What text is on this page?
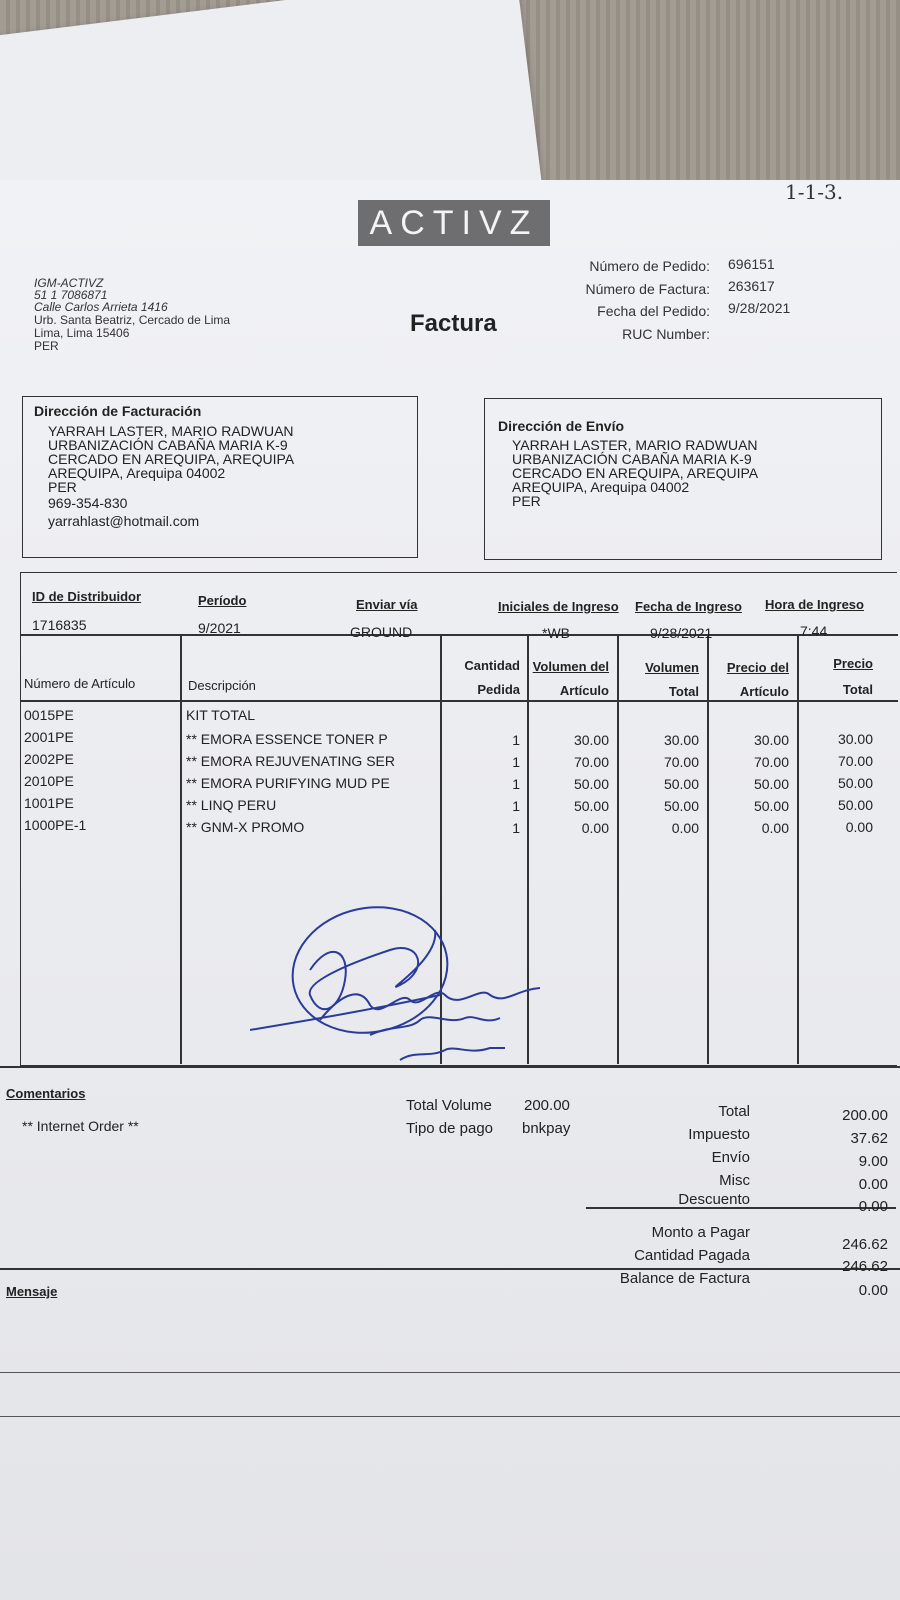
ACTIVZ
1-1-3.
IGM-ACTIVZ
51 1 7086871
Calle Carlos Arrieta 1416
Urb. Santa Beatriz, Cercado de Lima
Lima, Lima 15406
PER
Factura
Número de Pedido: 696151
Número de Factura: 263617
Fecha del Pedido: 9/28/2021
RUC Number:
Dirección de Facturación
YARRAH LASTER, MARIO RADWUAN
URBANIZACIÓN CABAÑA MARIA K-9
CERCADO EN AREQUIPA, AREQUIPA
AREQUIPA, Arequipa 04002
PER
969-354-830
yarrahlast@hotmail.com
Dirección de Envío
YARRAH LASTER, MARIO RADWUAN
URBANIZACIÓN CABAÑA MARIA K-9
CERCADO EN AREQUIPA, AREQUIPA
AREQUIPA, Arequipa 04002
PER
ID de Distribuidor
1716835
Período
9/2021
Enviar vía
GROUND
Iniciales de Ingreso
*WB
Fecha de Ingreso
9/28/2021
Hora de Ingreso
7:44
Número de Artículo	Descripción
Cantidad
Pedida
Volumen del
Artículo
Volumen
Total
Precio del
Artículo
Precio
Total
0015PE	KIT TOTAL
2001PE	** EMORA ESSENCE TONER P	1	30.00	30.00	30.00	30.00
2002PE	** EMORA REJUVENATING SER	1	70.00	70.00	70.00	70.00
2010PE	** EMORA PURIFYING MUD PE	1	50.00	50.00	50.00	50.00
1001PE	** LINQ PERU	1	50.00	50.00	50.00	50.00
1000PE-1	** GNM-X PROMO	1	0.00	0.00	0.00	0.00
Comentarios
** Internet Order **
Total Volume 200.00
Tipo de pago bnkpay
Total	200.00
Impuesto	37.62
Envío	9.00
Misc	0.00
Descuento	0.00
Monto a Pagar
246.62
Cantidad Pagada
246.62
Balance de Factura
0.00
Mensaje
